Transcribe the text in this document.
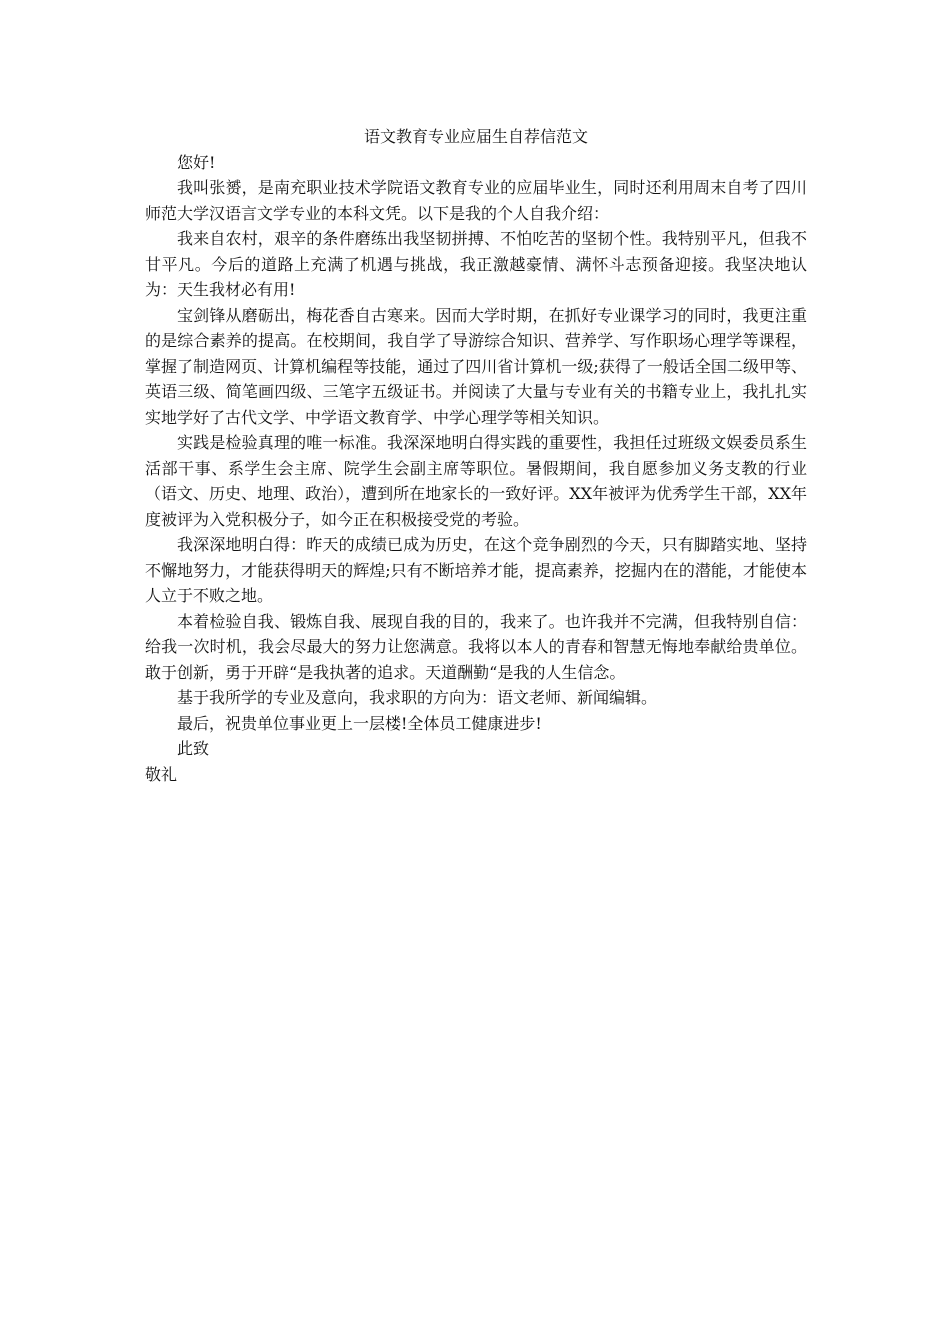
语文教育专业应届生自荐信范文

您好!

我叫张赟，是南充职业技术学院语文教育专业的应届毕业生，同时还利用周末自考了四川师范大学汉语言文学专业的本科文凭。以下是我的个人自我介绍：

我来自农村，艰辛的条件磨练出我坚韧拼搏、不怕吃苦的坚韧个性。我特别平凡，但我不甘平凡。今后的道路上充满了机遇与挑战，我正激越豪情、满怀斗志预备迎接。我坚决地认为：天生我材必有用!

宝剑锋从磨砺出，梅花香自古寒来。因而大学时期，在抓好专业课学习的同时，我更注重的是综合素养的提高。在校期间，我自学了导游综合知识、营养学、写作职场心理学等课程，掌握了制造网页、计算机编程等技能，通过了四川省计算机一级;获得了一般话全国二级甲等、英语三级、简笔画四级、三笔字五级证书。并阅读了大量与专业有关的书籍专业上，我扎扎实实地学好了古代文学、中学语文教育学、中学心理学等相关知识。

实践是检验真理的唯一标准。我深深地明白得实践的重要性，我担任过班级文娱委员系生活部干事、系学生会主席、院学生会副主席等职位。暑假期间，我自愿参加义务支教的行业（语文、历史、地理、政治），遭到所在地家长的一致好评。XX年被评为优秀学生干部，XX年度被评为入党积极分子，如今正在积极接受党的考验。

我深深地明白得：昨天的成绩已成为历史，在这个竞争剧烈的今天，只有脚踏实地、坚持不懈地努力，才能获得明天的辉煌;只有不断培养才能，提高素养，挖掘内在的潜能，才能使本人立于不败之地。

本着检验自我、锻炼自我、展现自我的目的，我来了。也许我并不完满，但我特别自信：给我一次时机，我会尽最大的努力让您满意。我将以本人的青春和智慧无悔地奉献给贵单位。敢于创新，勇于开辟“是我执著的追求。天道酬勤“是我的人生信念。

基于我所学的专业及意向，我求职的方向为：语文老师、新闻编辑。

最后，祝贵单位事业更上一层楼!全体员工健康进步!

此致

敬礼
